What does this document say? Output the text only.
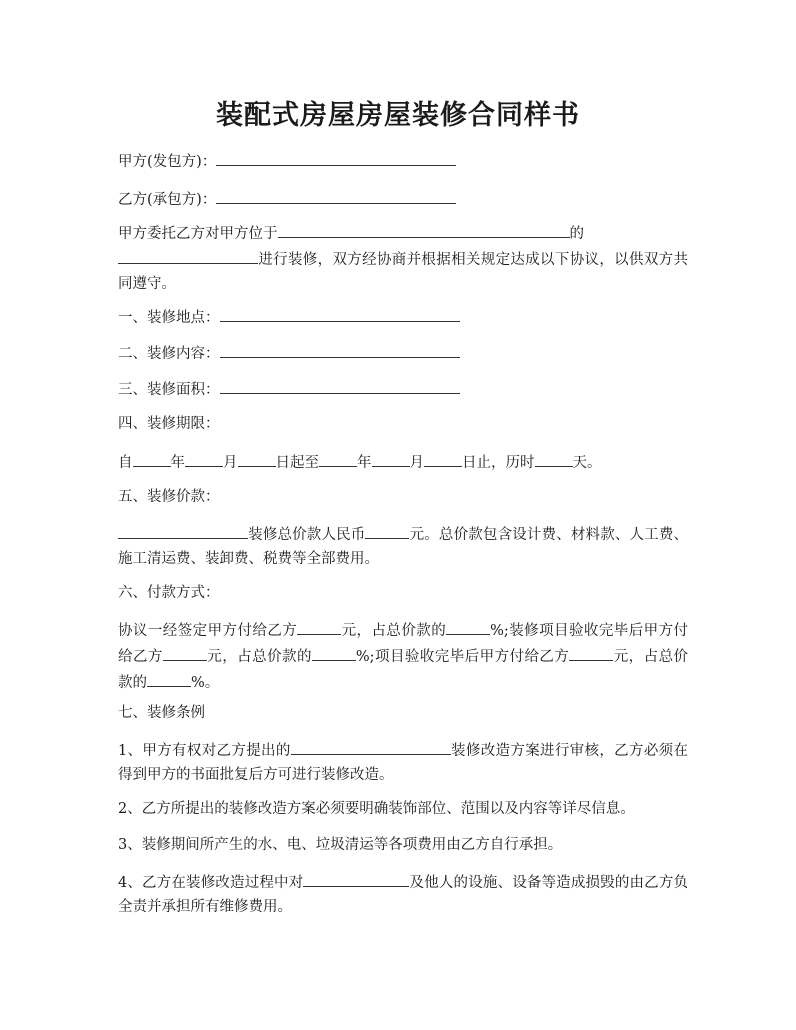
装配式房屋房屋装修合同样书
甲方(发包方)：
乙方(承包方)：
甲方委托乙方对甲方位于	的
进行装修，双方经协商并根据相关规定达成以下协议，以供双方共同遵守。
一、装修地点：
二、装修内容：
三、装修面积：
四、装修期限：
自	年	月	日起至	年	月	日止，历时	天。
五、装修价款：
装修总价款人民币	元。总价款包含设计费、材料款、人工费、施工清运费、装卸费、税费等全部费用。
六、付款方式：
协议一经签定甲方付给乙方	元，占总价款的	%;装修项目验收完毕后甲方付给乙方	元，占总价款的	%;项目验收完毕后甲方付给乙方	元，占总价款的	%。
七、装修条例
1、甲方有权对乙方提出的	装修改造方案进行审核，乙方必须在得到甲方的书面批复后方可进行装修改造。
2、乙方所提出的装修改造方案必须要明确装饰部位、范围以及内容等详尽信息。
3、装修期间所产生的水、电、垃圾清运等各项费用由乙方自行承担。
4、乙方在装修改造过程中对	及他人的设施、设备等造成损毁的由乙方负全责并承担所有维修费用。
